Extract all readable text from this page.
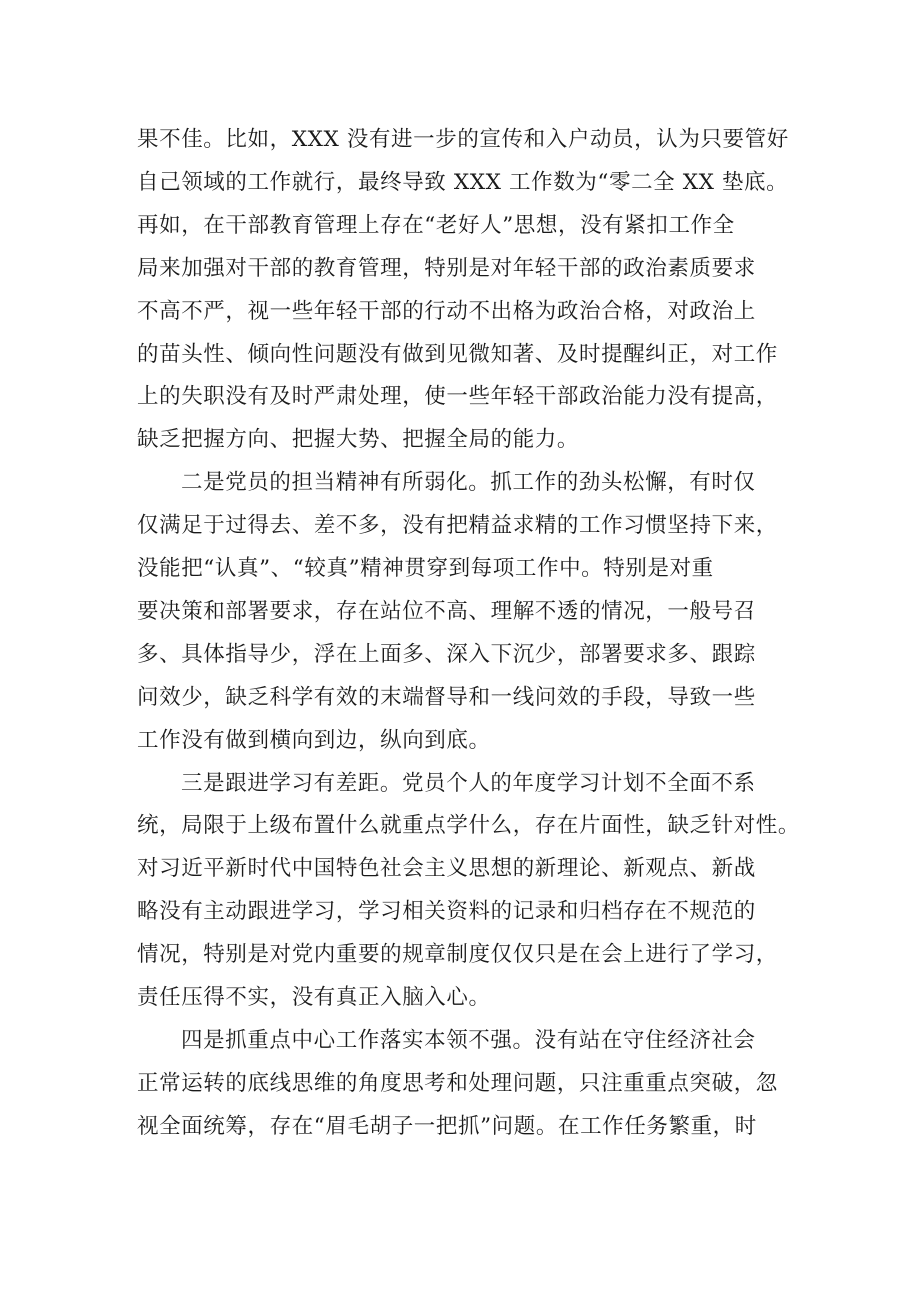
果不佳。比如，XXX 没有进一步的宣传和入户动员，认为只要管好
自己领域的工作就行，最终导致 XXX 工作数为“零二全 XX 垫底。
再如，在干部教育管理上存在“老好人”思想，没有紧扣工作全
局来加强对干部的教育管理，特别是对年轻干部的政治素质要求
不高不严，视一些年轻干部的行动不出格为政治合格，对政治上
的苗头性、倾向性问题没有做到见微知著、及时提醒纠正，对工作
上的失职没有及时严肃处理，使一些年轻干部政治能力没有提高，
缺乏把握方向、把握大势、把握全局的能力。
二是党员的担当精神有所弱化。抓工作的劲头松懈，有时仅
仅满足于过得去、差不多，没有把精益求精的工作习惯坚持下来，
没能把“认真”、“较真”精神贯穿到每项工作中。特别是对重
要决策和部署要求，存在站位不高、理解不透的情况，一般号召
多、具体指导少，浮在上面多、深入下沉少，部署要求多、跟踪
问效少，缺乏科学有效的末端督导和一线问效的手段，导致一些
工作没有做到横向到边，纵向到底。
三是跟进学习有差距。党员个人的年度学习计划不全面不系
统，局限于上级布置什么就重点学什么，存在片面性，缺乏针对性。
对习近平新时代中国特色社会主义思想的新理论、新观点、新战
略没有主动跟进学习，学习相关资料的记录和归档存在不规范的
情况，特别是对党内重要的规章制度仅仅只是在会上进行了学习，
责任压得不实，没有真正入脑入心。
四是抓重点中心工作落实本领不强。没有站在守住经济社会
正常运转的底线思维的角度思考和处理问题，只注重重点突破，忽
视全面统筹，存在“眉毛胡子一把抓”问题。在工作任务繁重，时
